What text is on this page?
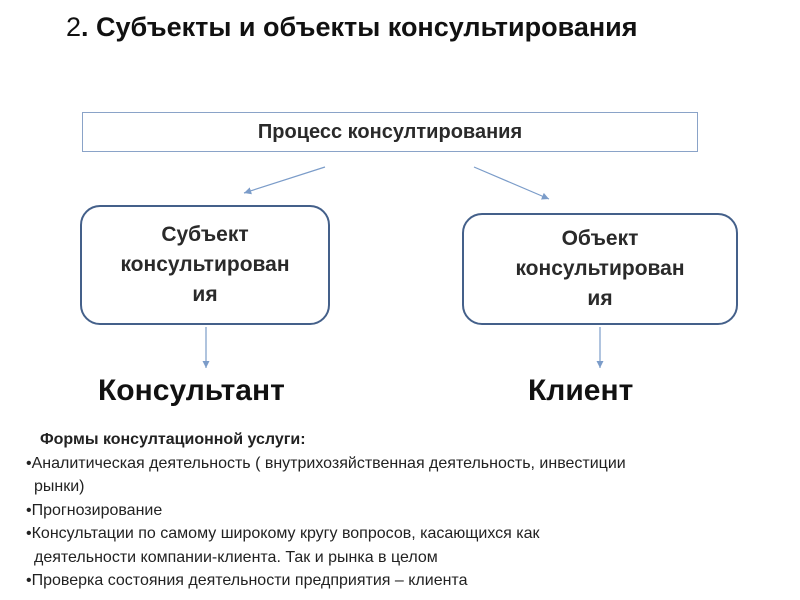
2. Субъекты и объекты консультирования
Процесс консултирования
Субъект
консультирован
ия
Объект
консультирован
ия
Консультант	Клиент
Формы консултационной услуги:
•Аналитическая деятельность ( внутрихозяйственная деятельность, инвестиции
рынки)
•Прогнозирование
•Консультации по самому широкому кругу вопросов, касающихся как
деятельности компании-клиента. Так и рынка в целом
•Проверка состояния деятельности предприятия – клиента
